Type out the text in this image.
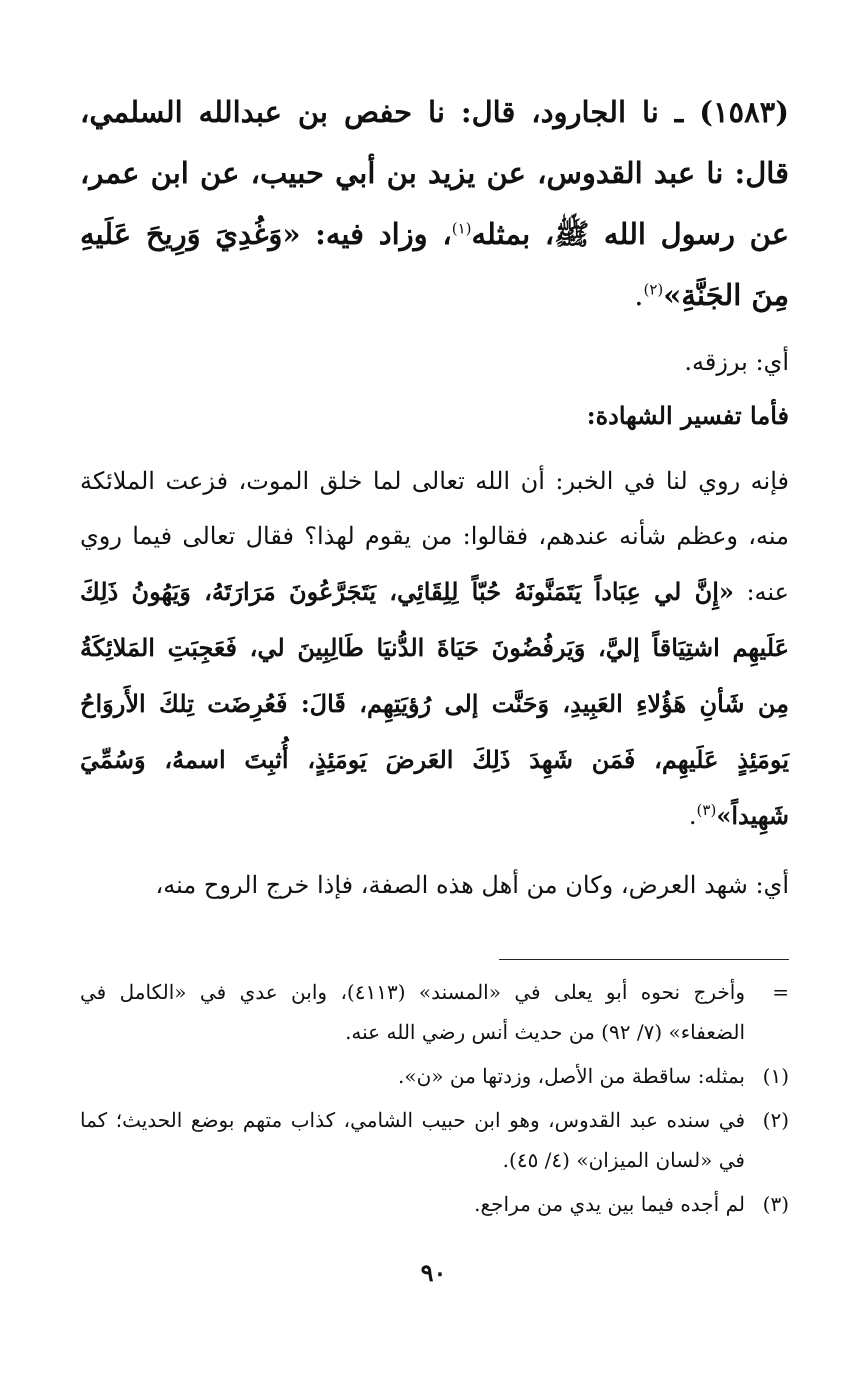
(١٥٨٣) ـ نا الجارود، قال: نا حفص بن عبدالله السلمي، قال: نا عبد القدوس، عن يزيد بن أبي حبيب، عن ابن عمر، عن رسول الله ﷺ، بمثله$^{(١)}$، وزاد فيه: «وَغُدِيَ وَرِيحَ عَلَيهِ مِنَ الجَنَّةِ»$^{(٢)}$.

أي: برزقه.

فأما تفسير الشهادة:

فإنه روي لنا في الخبر: أن الله تعالى لما خلق الموت، فزعت الملائكة منه، وعظم شأنه عندهم، فقالوا: من يقوم لهذا؟ فقال تعالى فيما روي عنه: «إِنَّ لي عِبَاداً يَتَمَنَّونَهُ حُبّاً لِلِقَائِي، يَتَجَرَّعُونَ مَرَارَتَهُ، وَيَهُونُ ذَلِكَ عَلَيهِم اشتِيَاقاً إليَّ، وَيَرفُضُونَ حَيَاةَ الدُّنيَا طَالِبِينَ لي، فَعَجِبَتِ المَلائِكَةُ مِن شَأنِ هَؤُلاءِ العَبِيدِ، وَحَنَّت إلى رُؤيَتِهِم، قَالَ: فَعُرِضَت تِلكَ الأَروَاحُ يَومَئِذٍ عَلَيهِم، فَمَن شَهِدَ ذَلِكَ العَرضَ يَومَئِذٍ، أُثبِتَ اسمهُ، وَسُمِّيَ شَهِيداً»$^{(٣)}$.

أي: شهد العرض، وكان من أهل هذه الصفة، فإذا خرج الروح منه،

=
وأخرج نحوه أبو يعلى في «المسند» (٤١١٣)، وابن عدي في «الكامل في الضعفاء» (٧/ ٩٢) من حديث أنس رضي الله عنه.

(١)
بمثله: ساقطة من الأصل، وزدتها من «ن».

(٢)
في سنده عبد القدوس، وهو ابن حبيب الشامي، كذاب متهم بوضع الحديث؛ كما في «لسان الميزان» (٤/ ٤٥).

(٣)
لم أجده فيما بين يدي من مراجع.

٩٠
